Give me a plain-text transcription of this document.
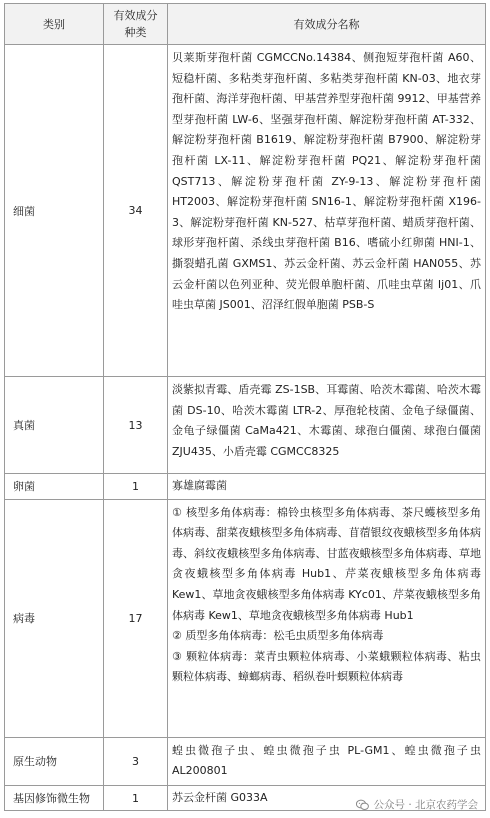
类别	有效成分种类	有效成分名称
细菌	34	贝莱斯芽孢杆菌 CGMCCNo.14384、侧孢短芽孢杆菌 A60、短稳杆菌、多粘类芽孢杆菌、多粘类芽孢杆菌 KN-03、地衣芽孢杆菌、海洋芽孢杆菌、甲基营养型芽孢杆菌 9912、甲基营养型芽孢杆菌 LW-6、坚强芽孢杆菌、解淀粉芽孢杆菌 AT-332、解淀粉芽孢杆菌 B1619、解淀粉芽孢杆菌 B7900、解淀粉芽孢杆菌 LX-11、解淀粉芽孢杆菌 PQ21、解淀粉芽孢杆菌 QST713、解淀粉芽孢杆菌 ZY-9-13、解淀粉芽孢杆菌 HT2003、解淀粉芽孢杆菌 SN16-1、解淀粉芽孢杆菌 X196-3、解淀粉芽孢杆菌 KN-527、枯草芽孢杆菌、蜡质芽孢杆菌、球形芽孢杆菌、杀线虫芽孢杆菌 B16、嗜硫小红卵菌 HNI-1、撕裂蜡孔菌 GXMS1、苏云金杆菌、苏云金杆菌 HAN055、苏云金杆菌以色列亚种、荧光假单胞杆菌、爪哇虫草菌 Ij01、爪哇虫草菌 JS001、沼泽红假单胞菌 PSB-S
真菌	13	淡紫拟青霉、盾壳霉 ZS-1SB、耳霉菌、哈茨木霉菌、哈茨木霉菌 DS-10、哈茨木霉菌 LTR-2、厚孢轮枝菌、金龟子绿僵菌、金龟子绿僵菌 CaMa421、木霉菌、球孢白僵菌、球孢白僵菌 ZJU435、小盾壳霉 CGMCC8325
卵菌	1	寡雄腐霉菌
病毒	17	① 核型多角体病毒：棉铃虫核型多角体病毒、茶尺蠖核型多角体病毒、甜菜夜蛾核型多角体病毒、苜蓿银纹夜蛾核型多角体病毒、斜纹夜蛾核型多角体病毒、甘蓝夜蛾核型多角体病毒、草地贪夜蛾核型多角体病毒 Hub1、芹菜夜蛾核型多角体病毒 Kew1、草地贪夜蛾核型多角体病毒 KYc01、芹菜夜蛾核型多角体病毒 Kew1、草地贪夜蛾核型多角体病毒 Hub1
② 质型多角体病毒：松毛虫质型多角体病毒
③ 颗粒体病毒：菜青虫颗粒体病毒、小菜蛾颗粒体病毒、粘虫颗粒体病毒、蟑螂病毒、稻纵卷叶螟颗粒体病毒

原生动物	3	蝗虫微孢子虫、蝗虫微孢子虫 PL-GM1、蝗虫微孢子虫 AL200801
基因修饰微生物	1	苏云金杆菌 G033A
公众号 · 北京农药学会
